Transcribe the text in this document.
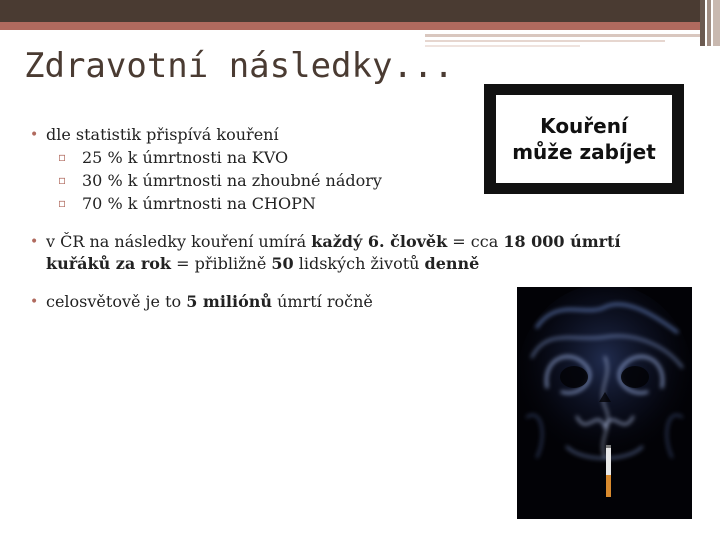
Zdravotní následky...
• dle statistik přispívá kouření
▫ 25 % k úmrtnosti na KVO
▫ 30 % k úmrtnosti na zhoubné nádory
▫ 70 % k úmrtnosti na CHOPN
• v ČR na následky kouření umírá každý 6. člověk = cca 18 000 úmrtí kuřáků za rok = přibližně 50 lidských životů denně
• celosvětově je to 5 miliónů úmrtí ročně
Kouření
může zabíjet
